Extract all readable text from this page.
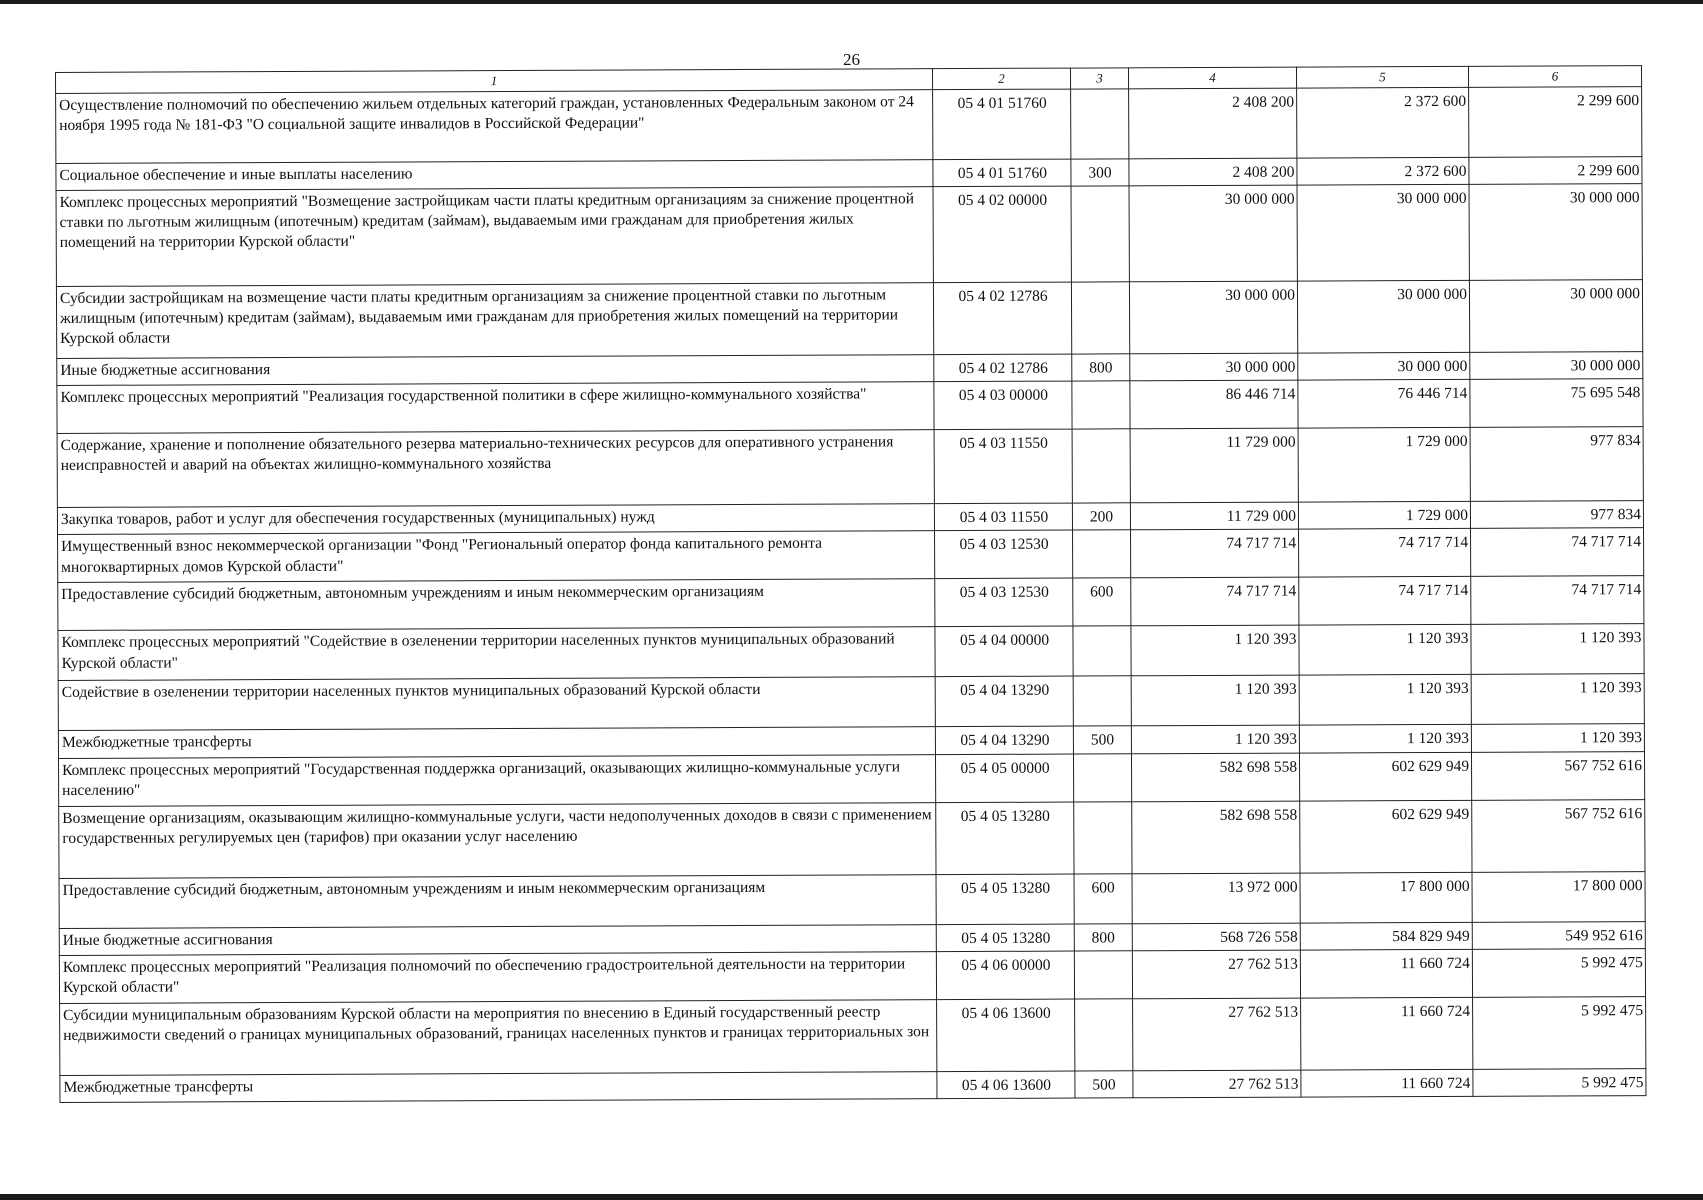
26
1	2	3	4	5	6
Осуществление полномочий по обеспечению жильем отдельных категорий граждан, установленных Федеральным законом от 24 ноября 1995 года № 181-ФЗ "О социальной защите инвалидов в Российской Федерации"	05 4 01 51760		2 408 200	2 372 600	2 299 600
Социальное обеспечение и иные выплаты населению	05 4 01 51760	300	2 408 200	2 372 600	2 299 600
Комплекс процессных мероприятий "Возмещение застройщикам части платы кредитным организациям за снижение процентной ставки по льготным жилищным (ипотечным) кредитам (займам), выдаваемым ими гражданам для приобретения жилых помещений на территории Курской области"	05 4 02 00000		30 000 000	30 000 000	30 000 000
Субсидии застройщикам на возмещение части платы кредитным организациям за снижение процентной ставки по льготным жилищным (ипотечным) кредитам (займам), выдаваемым ими гражданам для приобретения жилых помещений на территории Курской области	05 4 02 12786		30 000 000	30 000 000	30 000 000
Иные бюджетные ассигнования	05 4 02 12786	800	30 000 000	30 000 000	30 000 000
Комплекс процессных мероприятий "Реализация государственной политики в сфере жилищно-коммунального хозяйства"	05 4 03 00000		86 446 714	76 446 714	75 695 548
Содержание, хранение и пополнение обязательного резерва материально-технических ресурсов для оперативного устранения неисправностей и аварий на объектах жилищно-коммунального хозяйства	05 4 03 11550		11 729 000	1 729 000	977 834
Закупка товаров, работ и услуг для обеспечения государственных (муниципальных) нужд	05 4 03 11550	200	11 729 000	1 729 000	977 834
Имущественный взнос некоммерческой организации "Фонд "Региональный оператор фонда капитального ремонта многоквартирных домов Курской области"	05 4 03 12530		74 717 714	74 717 714	74 717 714
Предоставление субсидий бюджетным, автономным учреждениям и иным некоммерческим организациям	05 4 03 12530	600	74 717 714	74 717 714	74 717 714
Комплекс процессных мероприятий "Содействие в озеленении территории населенных пунктов муниципальных образований Курской области"	05 4 04 00000		1 120 393	1 120 393	1 120 393
Содействие в озеленении территории населенных пунктов муниципальных образований Курской области	05 4 04 13290		1 120 393	1 120 393	1 120 393
Межбюджетные трансферты	05 4 04 13290	500	1 120 393	1 120 393	1 120 393
Комплекс процессных мероприятий "Государственная поддержка организаций, оказывающих жилищно-коммунальные услуги населению"	05 4 05 00000		582 698 558	602 629 949	567 752 616
Возмещение организациям, оказывающим жилищно-коммунальные услуги, части недополученных доходов в связи с применением государственных регулируемых цен (тарифов) при оказании услуг населению	05 4 05 13280		582 698 558	602 629 949	567 752 616
Предоставление субсидий бюджетным, автономным учреждениям и иным некоммерческим организациям	05 4 05 13280	600	13 972 000	17 800 000	17 800 000
Иные бюджетные ассигнования	05 4 05 13280	800	568 726 558	584 829 949	549 952 616
Комплекс процессных мероприятий "Реализация полномочий по обеспечению градостроительной деятельности на территории Курской области"	05 4 06 00000		27 762 513	11 660 724	5 992 475
Субсидии муниципальным образованиям Курской области на мероприятия по внесению в Единый государственный реестр недвижимости сведений о границах муниципальных образований, границах населенных пунктов и границах территориальных зон	05 4 06 13600		27 762 513	11 660 724	5 992 475
Межбюджетные трансферты	05 4 06 13600	500	27 762 513	11 660 724	5 992 475
